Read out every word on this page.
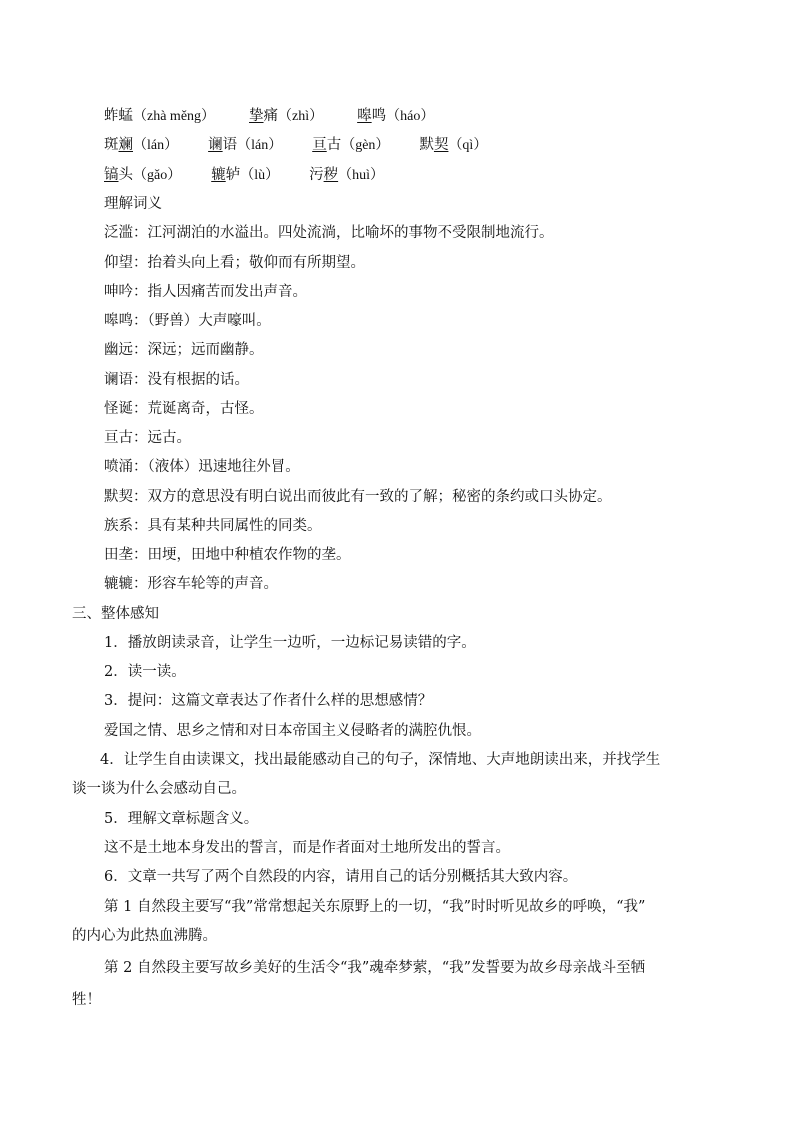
蚱蜢（zhà měng） 挚痛（zhì） 嗥鸣（háo）
斑斓（lán） 谰语（lán） 亘古（gèn） 默契（qì）
镐头（gǎo） 辘轳（lù） 污秽（huì）
理解词义
泛滥：江河湖泊的水溢出。四处流淌，比喻坏的事物不受限制地流行。
仰望：抬着头向上看；敬仰而有所期望。
呻吟：指人因痛苦而发出声音。
嗥鸣：（野兽）大声嚎叫。
幽远：深远；远而幽静。
谰语：没有根据的话。
怪诞：荒诞离奇，古怪。
亘古：远古。
喷涌：（液体）迅速地往外冒。
默契：双方的意思没有明白说出而彼此有一致的了解；秘密的条约或口头协定。
族系：具有某种共同属性的同类。
田垄：田埂，田地中种植农作物的垄。
辘辘：形容车轮等的声音。
三、整体感知
1．播放朗读录音，让学生一边听，一边标记易读错的字。
2．读一读。
3．提问：这篇文章表达了作者什么样的思想感情？
爱国之情、思乡之情和对日本帝国主义侵略者的满腔仇恨。
4．让学生自由读课文，找出最能感动自己的句子，深情地、大声地朗读出来，并找学生
谈一谈为什么会感动自己。
5．理解文章标题含义。
这不是土地本身发出的誓言，而是作者面对土地所发出的誓言。
6．文章一共写了两个自然段的内容，请用自己的话分别概括其大致内容。
第 1 自然段主要写“我”常常想起关东原野上的一切，“我”时时听见故乡的呼唤，“我”
的内心为此热血沸腾。
第 2 自然段主要写故乡美好的生活令“我”魂牵梦萦，“我”发誓要为故乡母亲战斗至牺
牲！
